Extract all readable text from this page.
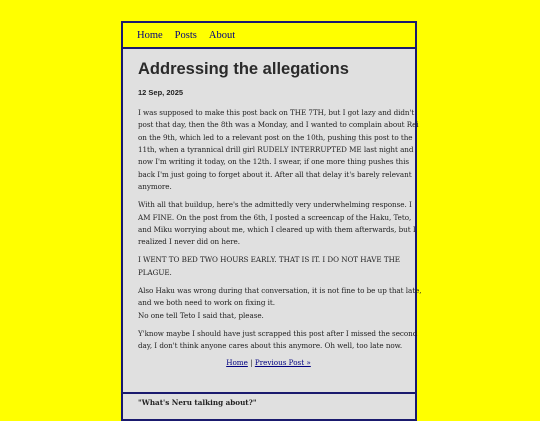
Home Posts About
Addressing the allegations
12 Sep, 2025

I was supposed to make this post back on THE 7TH, but I got lazy and didn't
post that day, then the 8th was a Monday, and I wanted to complain about Rei
on the 9th, which led to a relevant post on the 10th, pushing this post to the
11th, when a tyrannical drill girl RUDELY INTERRUPTED ME last night and
now I'm writing it today, on the 12th. I swear, if one more thing pushes this
back I'm just going to forget about it. After all that delay it's barely relevant
anymore.

With all that buildup, here's the admittedly very underwhelming response. I
AM FINE. On the post from the 6th, I posted a screencap of the Haku, Teto,
and Miku worrying about me, which I cleared up with them afterwards, but I
realized I never did on here.

I WENT TO BED TWO HOURS EARLY. THAT IS IT. I DO NOT HAVE THE
PLAGUE.

Also Haku was wrong during that conversation, it is not fine to be up that late,
and we both need to work on fixing it.
No one tell Teto I said that, please.

Y'know maybe I should have just scrapped this post after I missed the second
day, I don't think anyone cares about this anymore. Oh well, too late now.

Home | Previous Post »
"What's Neru talking about?"
